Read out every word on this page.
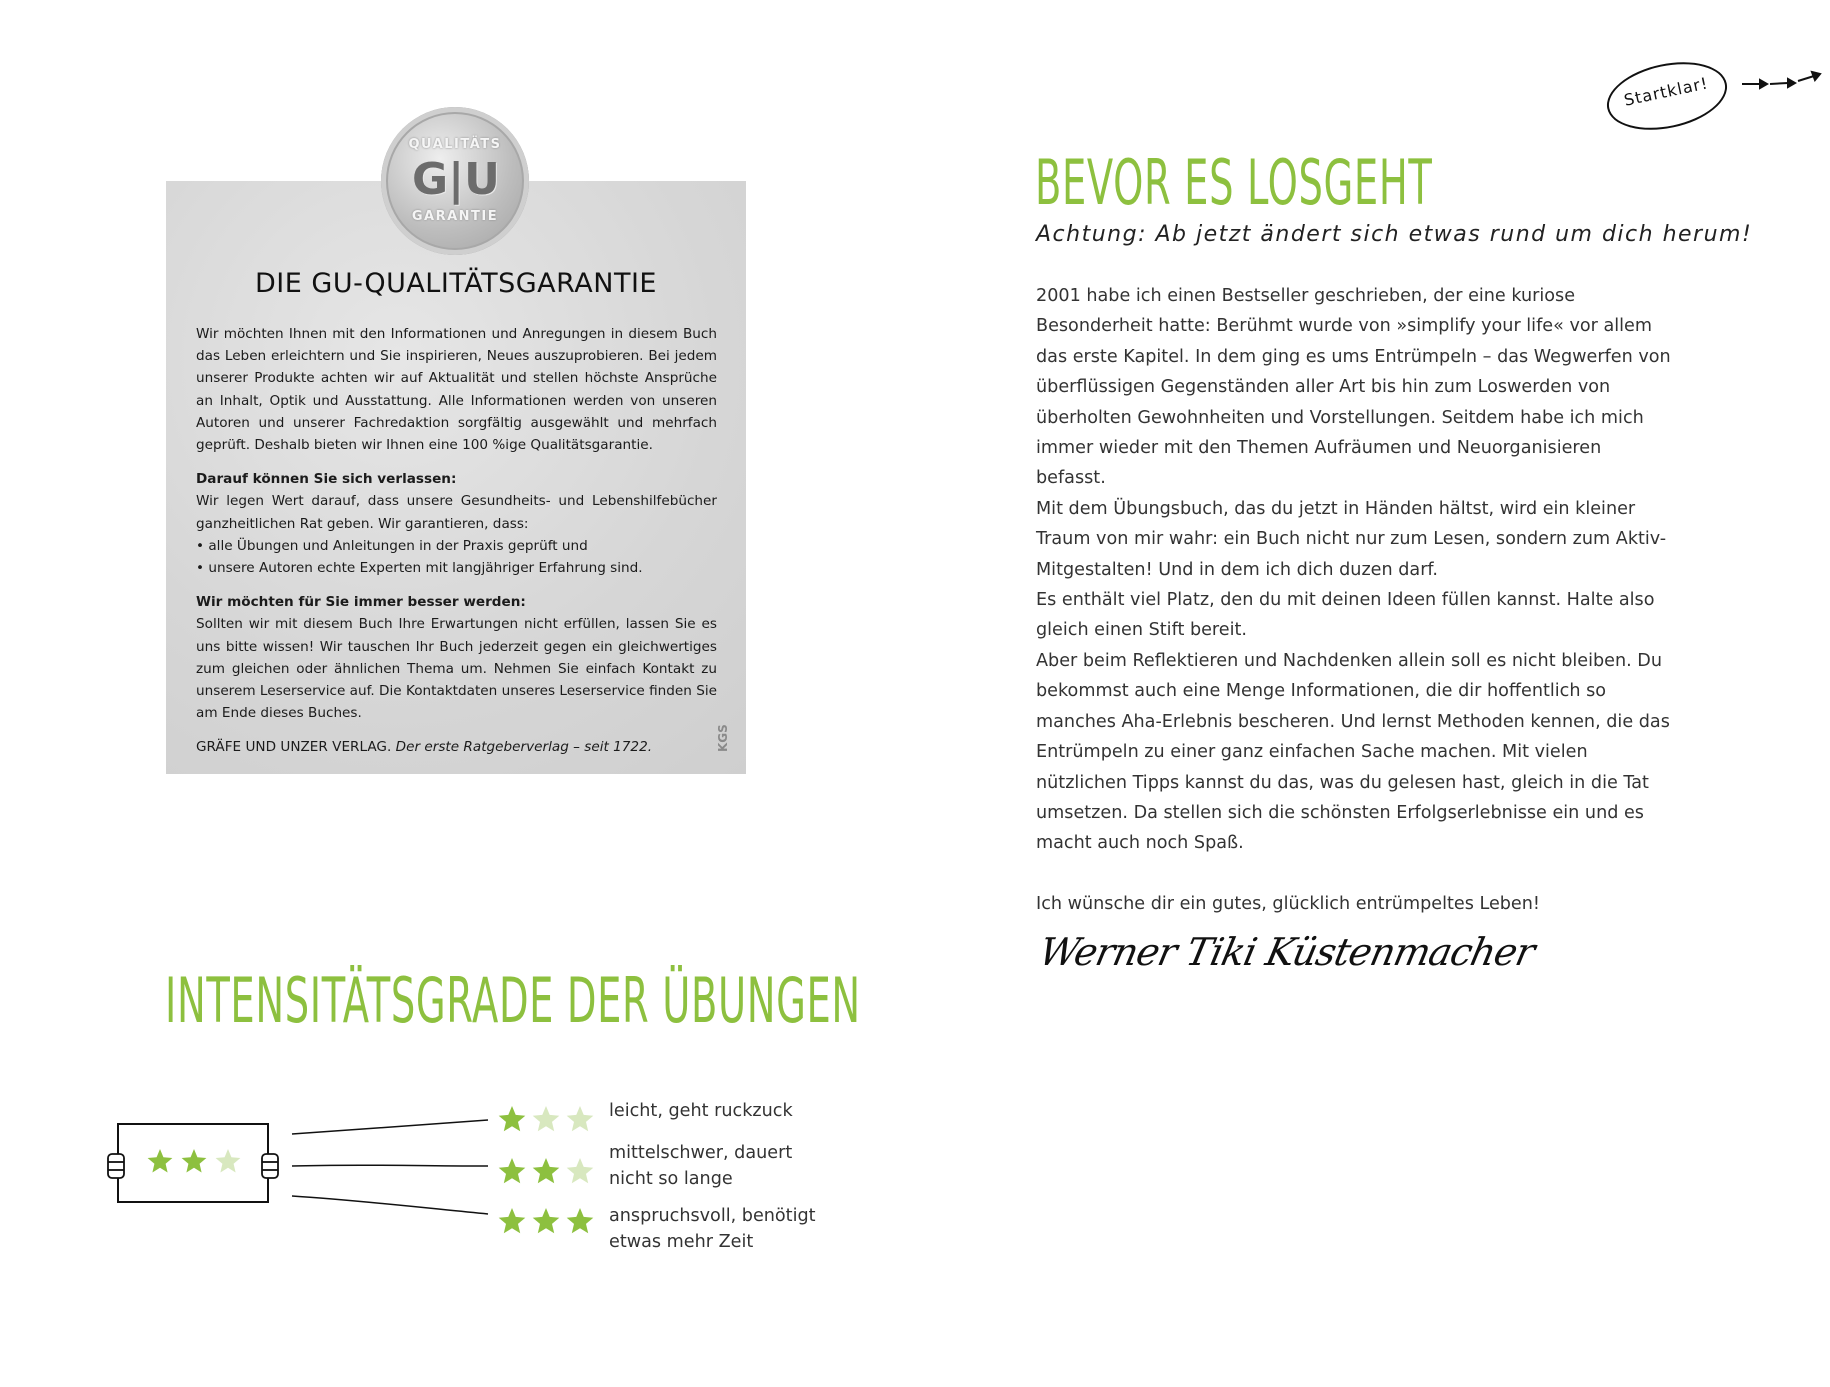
QUALITÄTS
G|U
GARANTIE
DIE GU-QUALITÄTSGARANTIE

Wir möchten Ihnen mit den Informationen und Anregungen in diesem Buch das Leben erleichtern und Sie inspirieren, Neues auszuprobieren. Bei jedem unserer Produkte achten wir auf Aktualität und stellen höchste Ansprüche an Inhalt, Optik und Ausstattung. Alle Informationen werden von unseren Autoren und unserer Fachredaktion sorgfältig ausgewählt und mehrfach geprüft. Deshalb bieten wir Ihnen eine 100 %ige Qualitätsgarantie.

Darauf können Sie sich verlassen:
Wir legen Wert darauf, dass unsere Gesundheits- und Lebenshilfebücher ganzheitlichen Rat geben. Wir garantieren, dass:
• alle Übungen und Anleitungen in der Praxis geprüft und
• unsere Autoren echte Experten mit langjähriger Erfahrung sind.

Wir möchten für Sie immer besser werden:
Sollten wir mit diesem Buch Ihre Erwartungen nicht erfüllen, lassen Sie es uns bitte wissen! Wir tauschen Ihr Buch jederzeit gegen ein gleichwertiges zum gleichen oder ähnlichen Thema um. Nehmen Sie einfach Kontakt zu unserem Leserservice auf. Die Kontaktdaten unseres Leserservice finden Sie am Ende dieses Buches.

GRÄFE UND UNZER VERLAG. Der erste Ratgeberverlag – seit 1722.	KGS
INTENSITÄTSGRADE DER ÜBUNGEN
leicht, geht ruckzuck
mittelschwer, dauert
nicht so lange
anspruchsvoll, benötigt
etwas mehr Zeit
Startklar!
BEVOR ES LOSGEHT
Achtung: Ab jetzt ändert sich etwas rund um dich herum!

2001 habe ich einen Bestseller geschrieben, der eine kuriose Besonderheit hatte: Berühmt wurde von »simplify your life« vor allem das erste Kapitel. In dem ging es ums Entrümpeln – das Wegwerfen von überflüssigen Gegenständen aller Art bis hin zum Loswerden von überholten Gewohnheiten und Vorstellungen. Seitdem habe ich mich immer wieder mit den Themen Aufräumen und Neuorganisieren befasst.

Mit dem Übungsbuch, das du jetzt in Händen hältst, wird ein kleiner Traum von mir wahr: ein Buch nicht nur zum Lesen, sondern zum Aktiv-Mitgestalten! Und in dem ich dich duzen darf.

Es enthält viel Platz, den du mit deinen Ideen füllen kannst. Halte also gleich einen Stift bereit.

Aber beim Reflektieren und Nachdenken allein soll es nicht bleiben. Du bekommst auch eine Menge Informationen, die dir hoffentlich so manches Aha-Erlebnis bescheren. Und lernst Methoden kennen, die das Entrümpeln zu einer ganz einfachen Sache machen. Mit vielen nützlichen Tipps kannst du das, was du gelesen hast, gleich in die Tat umsetzen. Da stellen sich die schönsten Erfolgserlebnisse ein und es macht auch noch Spaß.

Ich wünsche dir ein gutes, glücklich entrümpeltes Leben!

Werner Tiki Küstenmacher
